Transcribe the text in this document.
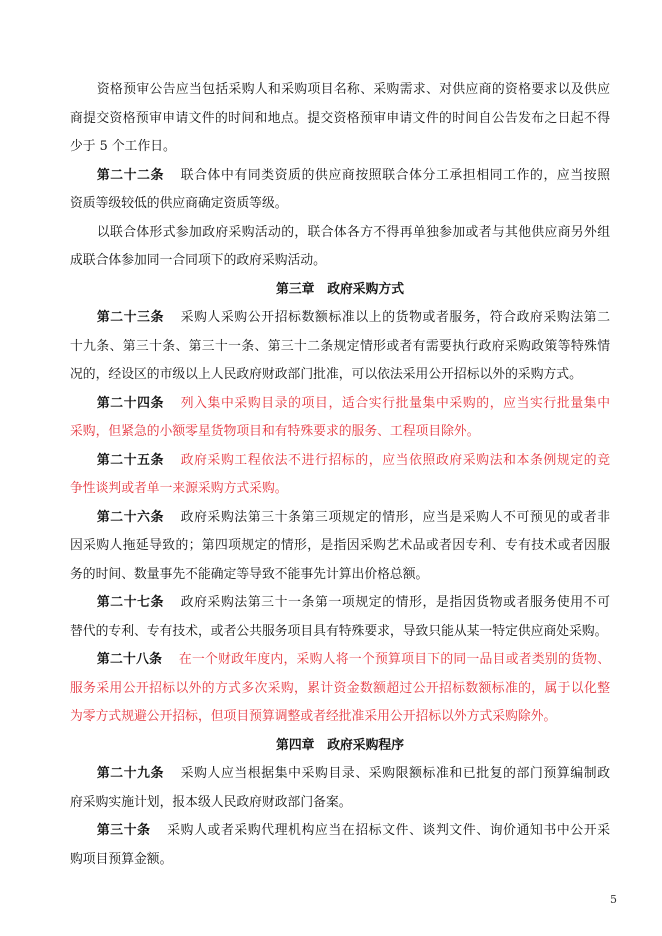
资格预审公告应当包括采购人和采购项目名称、采购需求、对供应商的资格要求以及供应
商提交资格预审申请文件的时间和地点。提交资格预审申请文件的时间自公告发布之日起不得
少于 5 个工作日。
第二十二条 联合体中有同类资质的供应商按照联合体分工承担相同工作的，应当按照
资质等级较低的供应商确定资质等级。
以联合体形式参加政府采购活动的，联合体各方不得再单独参加或者与其他供应商另外组
成联合体参加同一合同项下的政府采购活动。
第三章　政府采购方式
第二十三条 采购人采购公开招标数额标准以上的货物或者服务，符合政府采购法第二
十九条、第三十条、第三十一条、第三十二条规定情形或者有需要执行政府采购政策等特殊情
况的，经设区的市级以上人民政府财政部门批准，可以依法采用公开招标以外的采购方式。
第二十四条 列入集中采购目录的项目，适合实行批量集中采购的，应当实行批量集中
采购，但紧急的小额零星货物项目和有特殊要求的服务、工程项目除外。
第二十五条 政府采购工程依法不进行招标的，应当依照政府采购法和本条例规定的竞
争性谈判或者单一来源采购方式采购。
第二十六条 政府采购法第三十条第三项规定的情形，应当是采购人不可预见的或者非
因采购人拖延导致的；第四项规定的情形，是指因采购艺术品或者因专利、专有技术或者因服
务的时间、数量事先不能确定等导致不能事先计算出价格总额。
第二十七条 政府采购法第三十一条第一项规定的情形，是指因货物或者服务使用不可
替代的专利、专有技术，或者公共服务项目具有特殊要求，导致只能从某一特定供应商处采购。
第二十八条 在一个财政年度内，采购人将一个预算项目下的同一品目或者类别的货物、
服务采用公开招标以外的方式多次采购，累计资金数额超过公开招标数额标准的，属于以化整
为零方式规避公开招标，但项目预算调整或者经批准采用公开招标以外方式采购除外。
第四章　政府采购程序
第二十九条 采购人应当根据集中采购目录、采购限额标准和已批复的部门预算编制政
府采购实施计划，报本级人民政府财政部门备案。
第三十条 采购人或者采购代理机构应当在招标文件、谈判文件、询价通知书中公开采
购项目预算金额。
5
